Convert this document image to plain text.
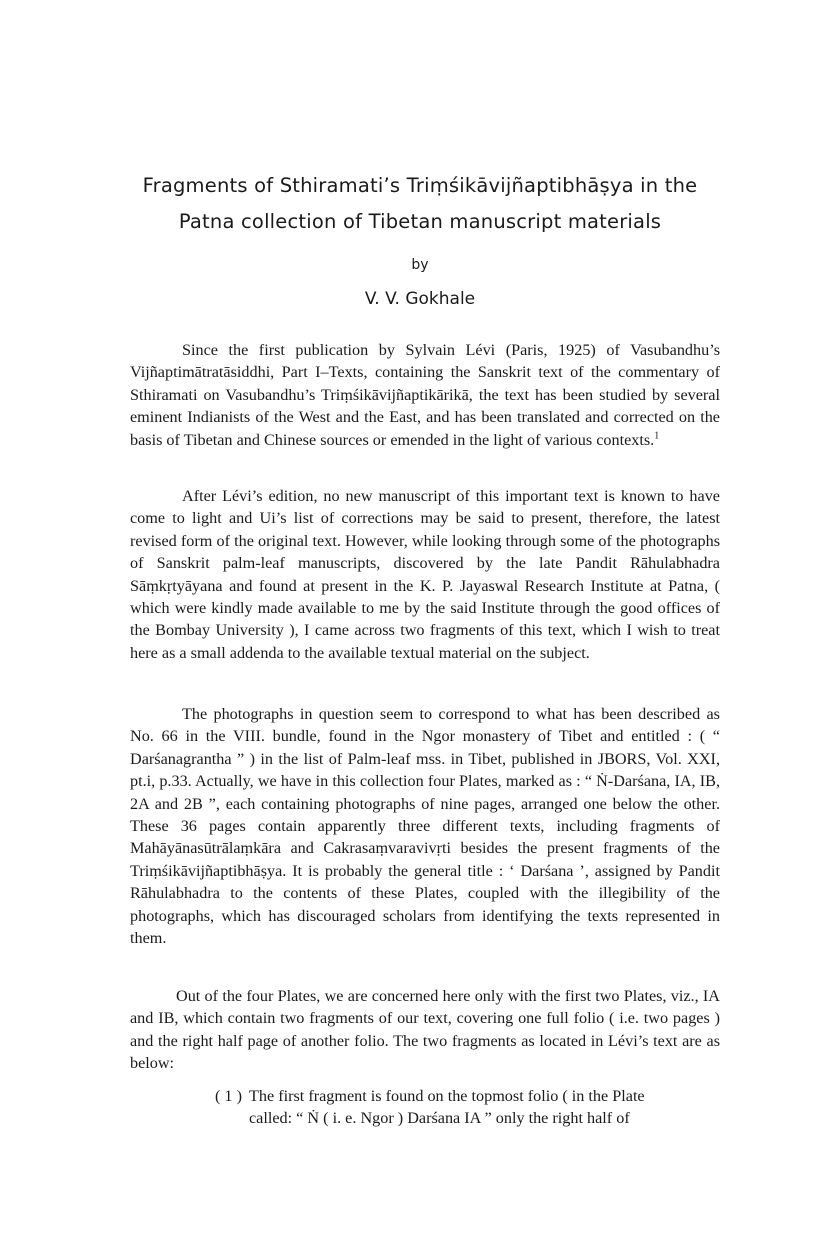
Fragments of Sthiramati’s Triṃśikāvijñaptibhāṣya in the
Patna collection of Tibetan manuscript materials

by

V. V. Gokhale

Since the first publication by Sylvain Lévi (Paris, 1925) of Vasubandhu’s Vijñaptimātratāsiddhi, Part I–Texts, containing the Sanskrit text of the commentary of Sthiramati on Vasubandhu’s Triṃśikāvijñaptikārikā, the text has been studied by several eminent Indianists of the West and the East, and has been translated and corrected on the basis of Tibetan and Chinese sources or emended in the light of various contexts.$^1$

After Lévi’s edition, no new manuscript of this important text is known to have come to light and Ui’s list of corrections may be said to present, therefore, the latest revised form of the original text. However, while looking through some of the photographs of Sanskrit palm-leaf manuscripts, discovered by the late Pandit Rāhulabhadra Sāṃkṛtyāyana and found at present in the K. P. Jayaswal Research Institute at Patna, ( which were kindly made available to me by the said Institute through the good offices of the Bombay University ), I came across two fragments of this text, which I wish to treat here as a small addenda to the available textual material on the subject.

The photographs in question seem to correspond to what has been described as No. 66 in the VIII. bundle, found in the Ngor monastery of Tibet and entitled : ( “ Darśanagrantha ” ) in the list of Palm-leaf mss. in Tibet, published in JBORS, Vol. XXI, pt.i, p.33. Actually, we have in this collection four Plates, marked as : “ Ṅ-Darśana, IA, IB, 2A and 2B ”, each containing photographs of nine pages, arranged one below the other. These 36 pages contain apparently three different texts, including fragments of Mahāyānasūtrālaṃkāra and Cakrasaṃvaravivṛti besides the present fragments of the Triṃśikāvijñaptibhāṣya. It is probably the general title : ‘ Darśana ’, assigned by Pandit Rāhulabhadra to the contents of these Plates, coupled with the illegibility of the photographs, which has discouraged scholars from identifying the texts represented in them.

Out of the four Plates, we are concerned here only with the first two Plates, viz., IA and IB, which contain two fragments of our text, covering one full folio ( i.e. two pages ) and the right half page of another folio. The two fragments as located in Lévi’s text are as below:

( 1 ) The first fragment is found on the topmost folio ( in the Plate
called: “ Ṅ ( i. e. Ngor ) Darśana IA ” only the right half of
